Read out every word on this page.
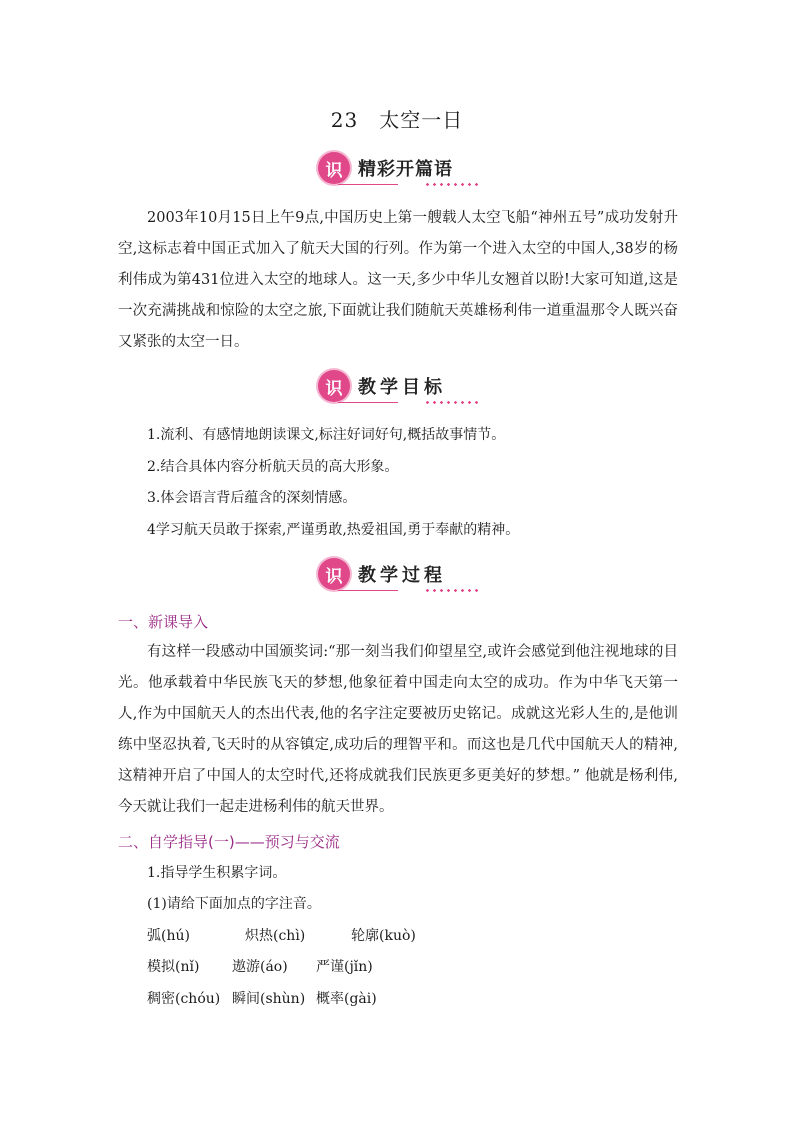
23　太空一日
识 精彩开篇语
2003年10月15日上午9点,中国历史上第一艘载人太空飞船“神州五号”成功发射升空,这标志着中国正式加入了航天大国的行列。作为第一个进入太空的中国人,38岁的杨利伟成为第431位进入太空的地球人。这一天,多少中华儿女翘首以盼!大家可知道,这是一次充满挑战和惊险的太空之旅,下面就让我们随航天英雄杨利伟一道重温那令人既兴奋又紧张的太空一日。
识 教学目标
1.流利、有感情地朗读课文,标注好词好句,概括故事情节。
2.结合具体内容分析航天员的高大形象。
3.体会语言背后蕴含的深刻情感。
4学习航天员敢于探索,严谨勇敢,热爱祖国,勇于奉献的精神。
识 教学过程
一、新课导入
有这样一段感动中国颁奖词:“那一刻当我们仰望星空,或许会感觉到他注视地球的目光。他承载着中华民族飞天的梦想,他象征着中国走向太空的成功。作为中华飞天第一人,作为中国航天人的杰出代表,他的名字注定要被历史铭记。成就这光彩人生的,是他训练中坚忍执着,飞天时的从容镇定,成功后的理智平和。而这也是几代中国航天人的精神,这精神开启了中国人的太空时代,还将成就我们民族更多更美好的梦想。” 他就是杨利伟,今天就让我们一起走进杨利伟的航天世界。
二、自学指导(一)——预习与交流
1.指导学生积累字词。
(1)请给下面加点的字注音。
弧(hú)	炽热(chì)	轮廓(kuò)
模拟(nǐ)	遨游(áo)	严谨(jǐn)
稠密(chóu) 瞬间(shùn) 概率(gài)
